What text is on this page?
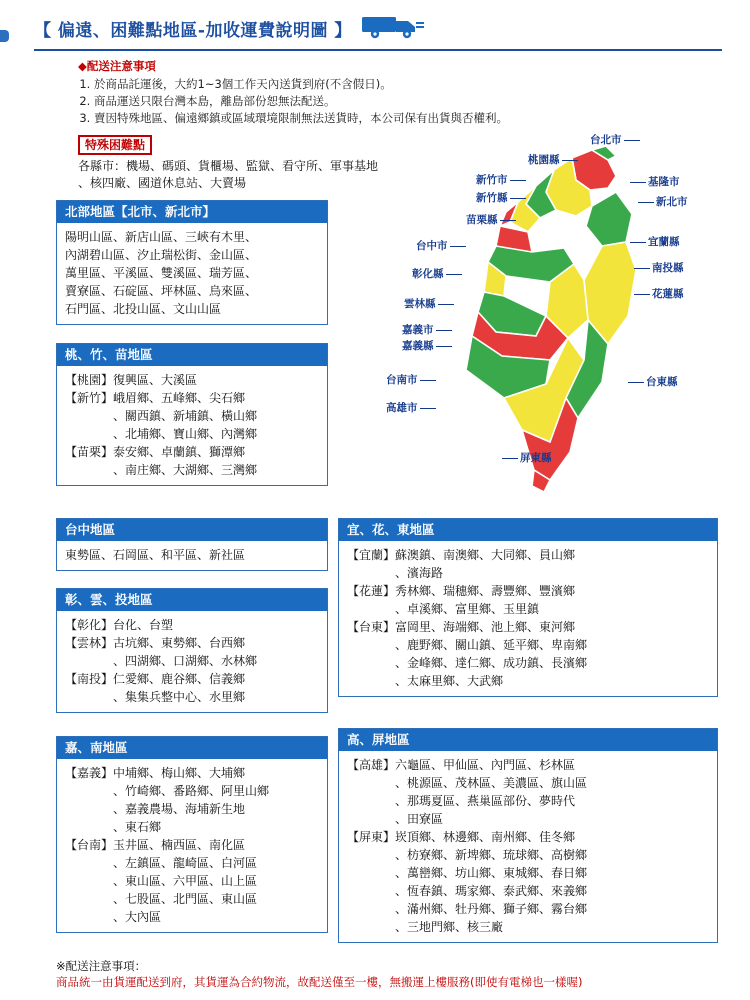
【 偏遠、困難點地區-加收運費說明圖 】
◆配送注意事項
1. 於商品託運後，大約1~3個工作天內送貨到府(不含假日)。
2. 商品運送只限台灣本島，離島部份恕無法配送。
3. 賣因特殊地區、偏遠鄉鎮或區域環境限制無法送貨時，本公司保有出貨與否權利。
特殊困難點
各縣市：機場、碼頭、貨櫃場、監獄、看守所、軍事基地
、核四廠、國道休息站、大賣場
台北市
桃園縣
新竹市	基隆市
新竹縣	新北市
苗栗縣
台中市	宜蘭縣
南投縣
彰化縣
花蓮縣
雲林縣
嘉義市
嘉義縣
台南市	台東縣
高雄市
屏東縣
北部地區【北市、新北市】
陽明山區、新店山區、三峽有木里、
內湖碧山區、汐止瑞松街、金山區、
萬里區、平溪區、雙溪區、瑞芳區、
賣寮區、石碇區、坪林區、烏來區、
石門區、北投山區、文山山區
桃、竹、苗地區
【桃園】復興區、大溪區
【新竹】峨眉鄉、五峰鄉、尖石鄉
、關西鎮、新埔鎮、橫山鄉
、北埔鄉、寶山鄉、內灣鄉
【苗栗】泰安鄉、卓蘭鎮、獅潭鄉
、南庄鄉、大湖鄉、三灣鄉
台中地區
東勢區、石岡區、和平區、新社區
彰、雲、投地區
【彰化】台化、台塑
【雲林】古坑鄉、東勢鄉、台西鄉
、四湖鄉、口湖鄉、水林鄉
【南投】仁愛鄉、鹿谷鄉、信義鄉
、集集兵整中心、水里鄉
嘉、南地區
【嘉義】中埔鄉、梅山鄉、大埔鄉
、竹崎鄉、番路鄉、阿里山鄉
、嘉義農場、海埔新生地
、東石鄉
【台南】玉井區、楠西區、南化區
、左鎮區、龍崎區、白河區
、東山區、六甲區、山上區
、七股區、北門區、東山區
、大內區
宜、花、東地區
【宜蘭】蘇澳鎮、南澳鄉、大同鄉、員山鄉
、濱海路
【花蓮】秀林鄉、瑞穗鄉、壽豐鄉、豐濱鄉
、卓溪鄉、富里鄉、玉里鎮
【台東】富岡里、海端鄉、池上鄉、東河鄉
、鹿野鄉、關山鎮、延平鄉、卑南鄉
、金峰鄉、達仁鄉、成功鎮、長濱鄉
、太麻里鄉、大武鄉
高、屏地區
【高雄】六龜區、甲仙區、內門區、杉林區
、桃源區、茂林區、美濃區、旗山區
、那瑪夏區、燕巢區部份、夢時代
、田寮區
【屏東】崁頂鄉、林邊鄉、南州鄉、佳冬鄉
、枋寮鄉、新埤鄉、琉球鄉、高樹鄉
、萬巒鄉、坊山鄉、東城鄉、春日鄉
、恆春鎮、瑪家鄉、泰武鄉、來義鄉
、滿州鄉、牡丹鄉、獅子鄉、霧台鄉
、三地門鄉、核三廠
※配送注意事項：
商品統一由貨運配送到府，其貨運為合約物流，故配送僅至一樓，無搬運上樓服務(即使有電梯也一樣喔)
